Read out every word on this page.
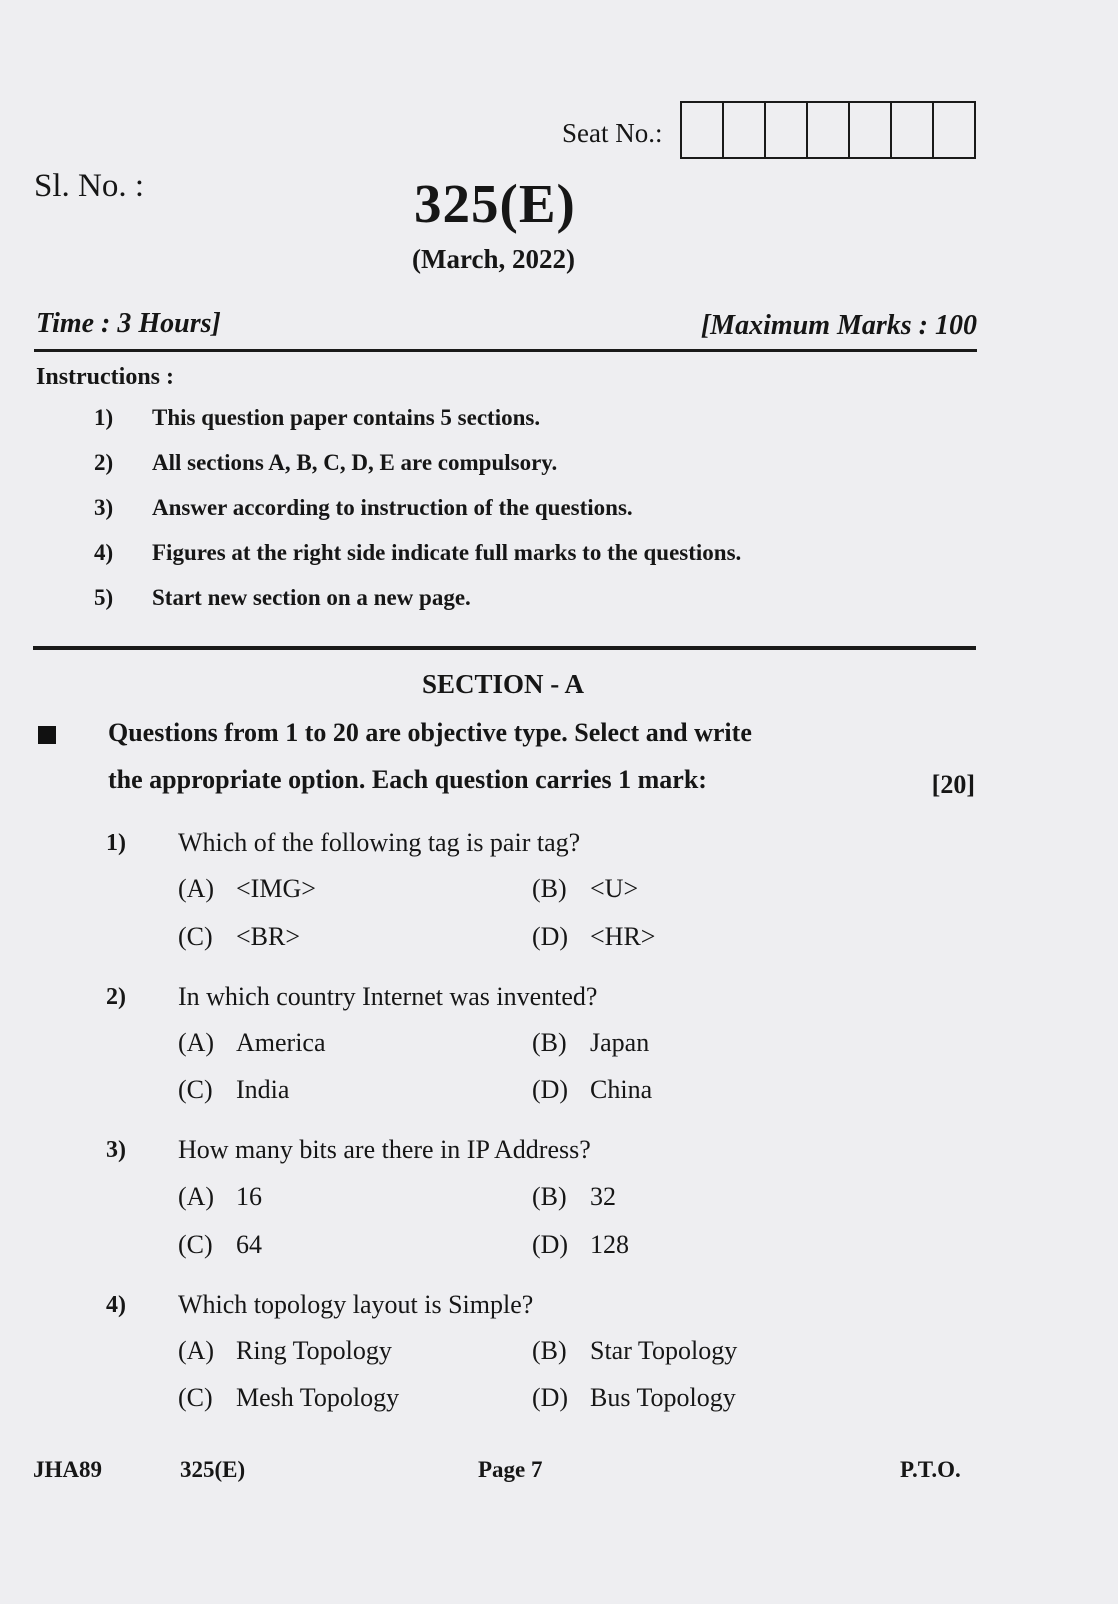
Seat No.:
Sl. No. :	325(E)
(March, 2022)
Time : 3 Hours]	[Maximum Marks : 100
Instructions :
1) This question paper contains 5 sections.
2) All sections A, B, C, D, E are compulsory.
3) Answer according to instruction of the questions.
4) Figures at the right side indicate full marks to the questions.
5) Start new section on a new page.
SECTION - A
Questions from 1 to 20 are objective type. Select and write
the appropriate option. Each question carries 1 mark:	[20]
1) Which of the following tag is pair tag?
(A) <IMG>	(B) <U>
(C) <BR>	(D) <HR>
2) In which country Internet was invented?
(A) America	(B) Japan
(C) India	(D) China
3) How many bits are there in IP Address?
(A) 16	(B) 32
(C) 64	(D) 128
4) Which topology layout is Simple?
(A) Ring Topology	(B) Star Topology
(C) Mesh Topology	(D) Bus Topology
JHA89	325(E)	Page 7	P.T.O.
